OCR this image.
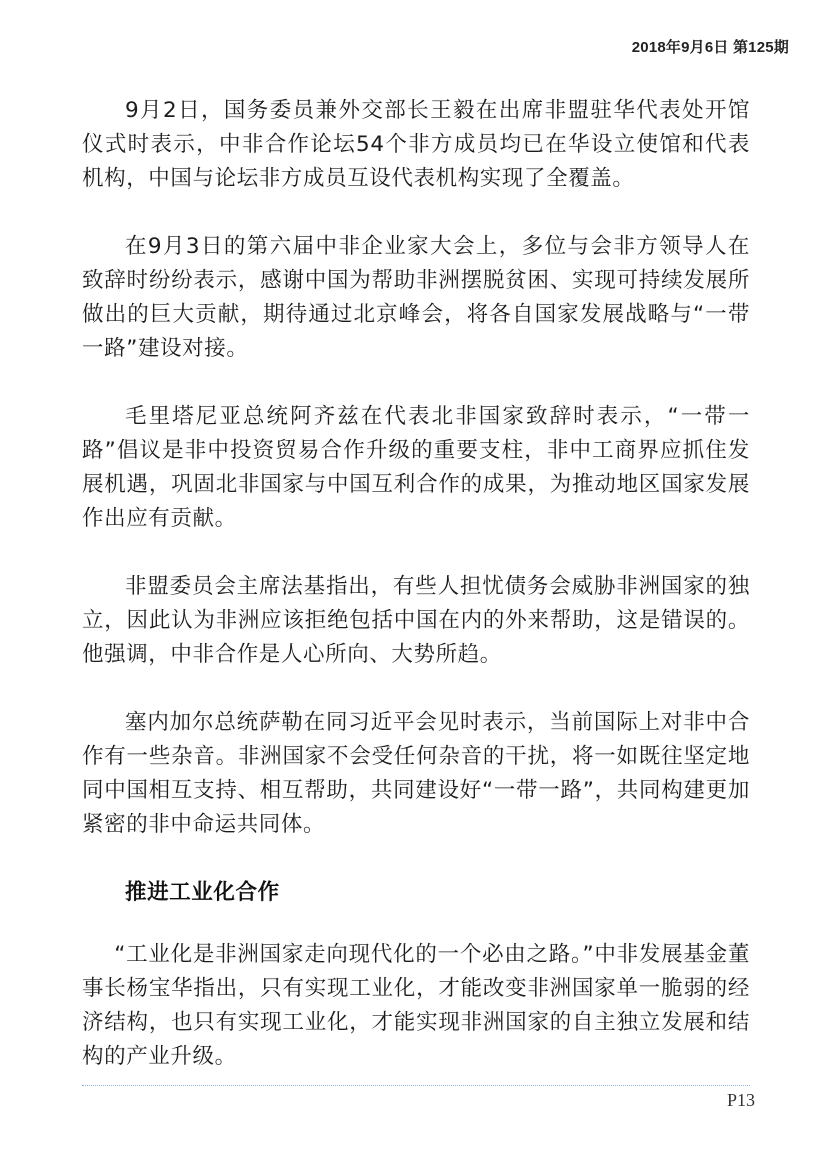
2018年9月6日 第125期

9月2日，国务委员兼外交部长王毅在出席非盟驻华代表处开馆仪式时表示，中非合作论坛54个非方成员均已在华设立使馆和代表机构，中国与论坛非方成员互设代表机构实现了全覆盖。

在9月3日的第六届中非企业家大会上，多位与会非方领导人在致辞时纷纷表示，感谢中国为帮助非洲摆脱贫困、实现可持续发展所做出的巨大贡献，期待通过北京峰会，将各自国家发展战略与“一带一路”建设对接。

毛里塔尼亚总统阿齐兹在代表北非国家致辞时表示，“一带一路”倡议是非中投资贸易合作升级的重要支柱，非中工商界应抓住发展机遇，巩固北非国家与中国互利合作的成果，为推动地区国家发展作出应有贡献。

非盟委员会主席法基指出，有些人担忧债务会威胁非洲国家的独立，因此认为非洲应该拒绝包括中国在内的外来帮助，这是错误的。他强调，中非合作是人心所向、大势所趋。

塞内加尔总统萨勒在同习近平会见时表示，当前国际上对非中合作有一些杂音。非洲国家不会受任何杂音的干扰，将一如既往坚定地同中国相互支持、相互帮助，共同建设好“一带一路”，共同构建更加紧密的非中命运共同体。

推进工业化合作

“工业化是非洲国家走向现代化的一个必由之路。”中非发展基金董事长杨宝华指出，只有实现工业化，才能改变非洲国家单一脆弱的经济结构，也只有实现工业化，才能实现非洲国家的自主独立发展和结构的产业升级。

P13
